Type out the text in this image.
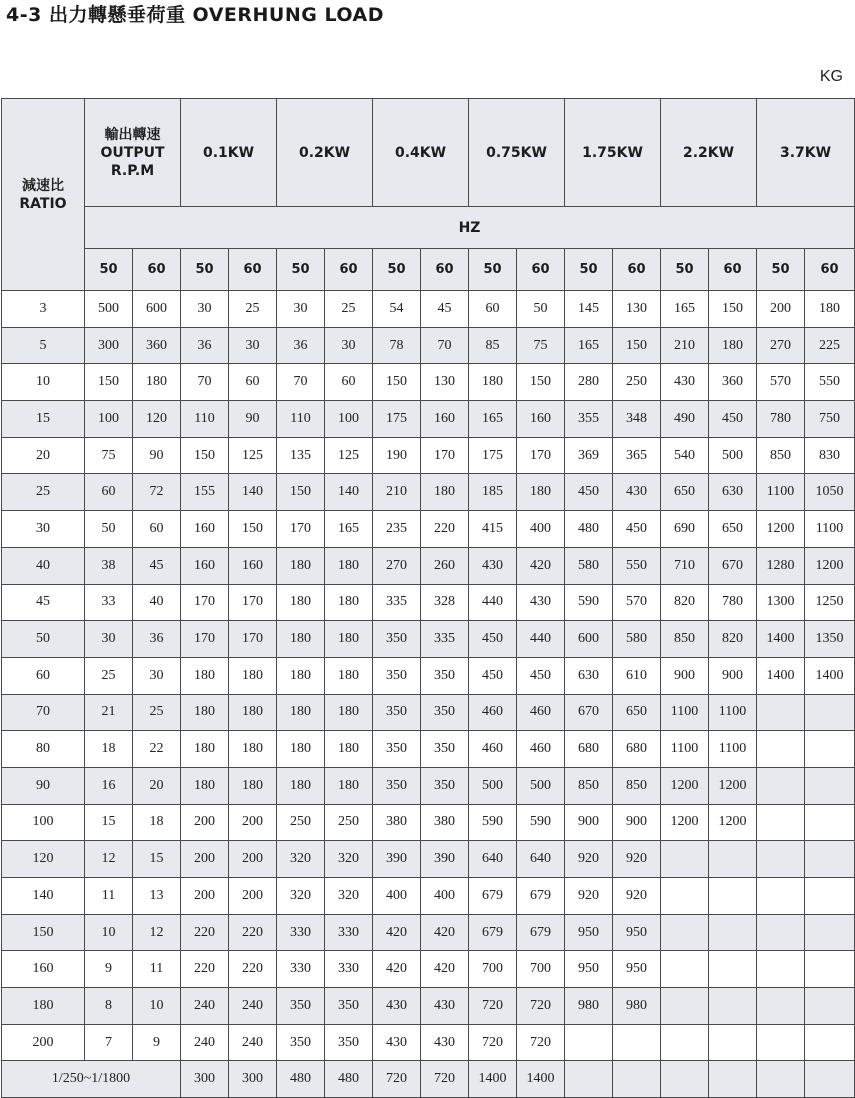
4-3 出力轉懸垂荷重 OVERHUNG LOAD
KG
減速比
RATIO	輸出轉速
OUTPUT
R.P.M		0.1KW		0.2KW		0.4KW		0.75KW		1.75KW		2.2KW		3.7KW	
	HZ															
	50	60	50	60	50	60	50	60	50	60	50	60	50	60	50	60
3	500	600	30	25	30	25	54	45	60	50	145	130	165	150	200	180
5	300	360	36	30	36	30	78	70	85	75	165	150	210	180	270	225
10	150	180	70	60	70	60	150	130	180	150	280	250	430	360	570	550
15	100	120	110	90	110	100	175	160	165	160	355	348	490	450	780	750
20	75	90	150	125	135	125	190	170	175	170	369	365	540	500	850	830
25	60	72	155	140	150	140	210	180	185	180	450	430	650	630	1100	1050
30	50	60	160	150	170	165	235	220	415	400	480	450	690	650	1200	1100
40	38	45	160	160	180	180	270	260	430	420	580	550	710	670	1280	1200
45	33	40	170	170	180	180	335	328	440	430	590	570	820	780	1300	1250
50	30	36	170	170	180	180	350	335	450	440	600	580	850	820	1400	1350
60	25	30	180	180	180	180	350	350	450	450	630	610	900	900	1400	1400
70	21	25	180	180	180	180	350	350	460	460	670	650	1100	1100		
80	18	22	180	180	180	180	350	350	460	460	680	680	1100	1100		
90	16	20	180	180	180	180	350	350	500	500	850	850	1200	1200		
100	15	18	200	200	250	250	380	380	590	590	900	900	1200	1200		
120	12	15	200	200	320	320	390	390	640	640	920	920				
140	11	13	200	200	320	320	400	400	679	679	920	920				
150	10	12	220	220	330	330	420	420	679	679	950	950				
160	9	11	220	220	330	330	420	420	700	700	950	950				
180	8	10	240	240	350	350	430	430	720	720	980	980				
200	7	9	240	240	350	350	430	430	720	720						
1/250~1/1800			300	300	480	480	720	720	1400	1400						
